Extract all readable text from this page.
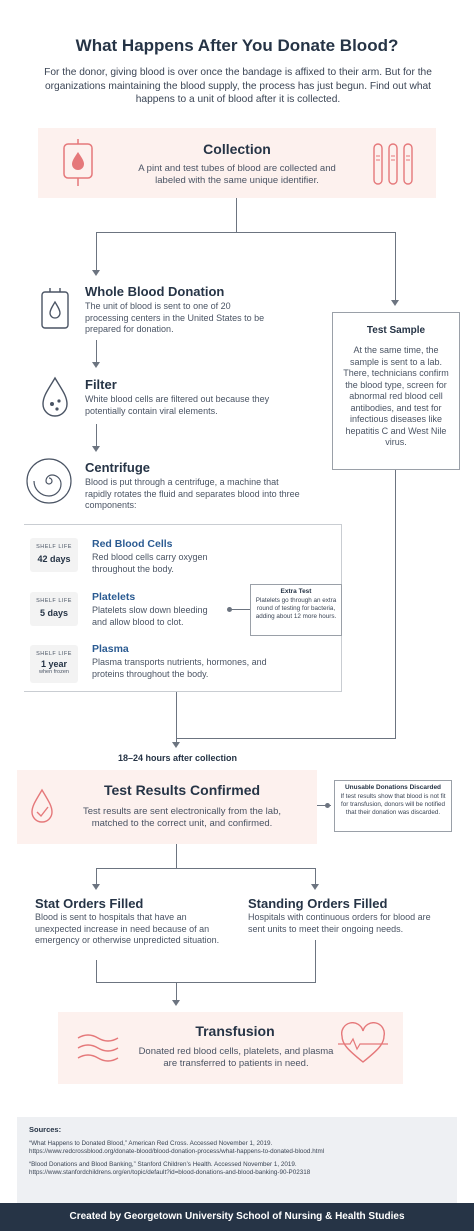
What Happens After You Donate Blood?
For the donor, giving blood is over once the bandage is affixed to their arm. But for the organizations maintaining the blood supply, the process has just begun. Find out what happens to a unit of blood after it is collected.
Collection
A pint and test tubes of blood are collected and labeled with the same unique identifier.
Whole Blood Donation
The unit of blood is sent to one of 20 processing centers in the United States to be prepared for donation.
Filter
White blood cells are filtered out because they potentially contain viral elements.
Centrifuge
Blood is put through a centrifuge, a machine that rapidly rotates the fluid and separates blood into three components:
Test Sample
At the same time, the sample is sent to a lab. There, technicians confirm the blood type, screen for abnormal red blood cell antibodies, and test for infectious diseases like hepatitis C and West Nile virus.
SHELF LIFE
42 days
Red Blood Cells
Red blood cells carry oxygen throughout the body.
SHELF LIFE
5 days
Platelets
Platelets slow down bleeding and allow blood to clot.
Extra Test
Platelets go through an extra round of testing for bacteria, adding about 12 more hours.
SHELF LIFE
1 year
when frozen
Plasma
Plasma transports nutrients, hormones, and proteins throughout the body.
18–24 hours after collection
Test Results Confirmed
Test results are sent electronically from the lab, matched to the correct unit, and confirmed.
Unusable Donations Discarded
If test results show that blood is not fit for transfusion, donors will be notified that their donation was discarded.
Stat Orders Filled
Blood is sent to hospitals that have an unexpected increase in need because of an emergency or otherwise unpredicted situation.
Standing Orders Filled
Hospitals with continuous orders for blood are sent units to meet their ongoing needs.
Transfusion
Donated red blood cells, platelets, and plasma are transferred to patients in need.
Sources:
“What Happens to Donated Blood,” American Red Cross. Accessed November 1, 2019.
https://www.redcrossblood.org/donate-blood/blood-donation-process/what-happens-to-donated-blood.html
“Blood Donations and Blood Banking,” Stanford Children’s Health. Accessed November 1, 2019.
https://www.stanfordchildrens.org/en/topic/default?id=blood-donations-and-blood-banking-90-P02318
Created by Georgetown University School of Nursing & Health Studies
